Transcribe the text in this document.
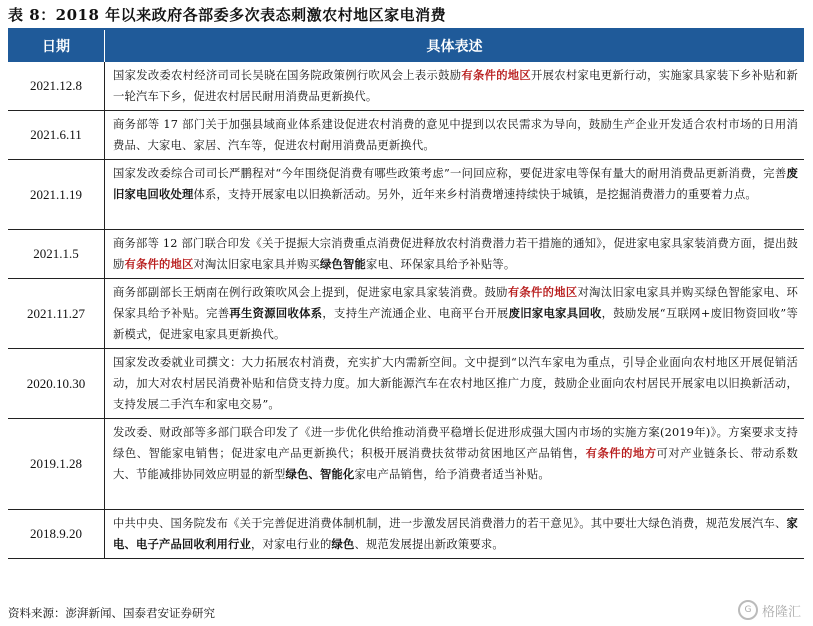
表 8：2018 年以来政府各部委多次表态刺激农村地区家电消费
日期	具体表述
2021.12.8
国家发改委农村经济司司长吴晓在国务院政策例行吹风会上表示鼓励有条件的地区开展农村家电更新行动，实施家具家装下乡补贴和新一轮汽车下乡，促进农村居民耐用消费品更新换代。
2021.6.11
商务部等 17 部门关于加强县域商业体系建设促进农村消费的意见中提到以农民需求为导向，鼓励生产企业开发适合农村市场的日用消费品、大家电、家居、汽车等，促进农村耐用消费品更新换代。
2021.1.19
国家发改委综合司司长严鹏程对“今年围绕促消费有哪些政策考虑”一问回应称，要促进家电等保有量大的耐用消费品更新消费，完善废旧家电回收处理体系，支持开展家电以旧换新活动。另外，近年来乡村消费增速持续快于城镇，是挖掘消费潜力的重要着力点。
2021.1.5
商务部等 12 部门联合印发《关于提振大宗消费重点消费促进释放农村消费潜力若干措施的通知》，促进家电家具家装消费方面，提出鼓励有条件的地区对淘汰旧家电家具并购买绿色智能家电、环保家具给予补贴等。
2021.11.27
商务部副部长王炳南在例行政策吹风会上提到，促进家电家具家装消费。鼓励有条件的地区对淘汰旧家电家具并购买绿色智能家电、环保家具给予补贴。完善再生资源回收体系，支持生产流通企业、电商平台开展废旧家电家具回收，鼓励发展“互联网+废旧物资回收”等新模式，促进家电家具更新换代。
2020.10.30
国家发改委就业司撰文：大力拓展农村消费，充实扩大内需新空间。文中提到“以汽车家电为重点，引导企业面向农村地区开展促销活动，加大对农村居民消费补贴和信贷支持力度。加大新能源汽车在农村地区推广力度，鼓励企业面向农村居民开展家电以旧换新活动，支持发展二手汽车和家电交易”。
2019.1.28
发改委、财政部等多部门联合印发了《进一步优化供给推动消费平稳增长促进形成强大国内市场的实施方案(2019年)》。方案要求支持绿色、智能家电销售；促进家电产品更新换代；积极开展消费扶贫带动贫困地区产品销售，有条件的地方可对产业链条长、带动系数大、节能减排协同效应明显的新型绿色、智能化家电产品销售，给予消费者适当补贴。
2018.9.20
中共中央、国务院发布《关于完善促进消费体制机制，进一步激发居民消费潜力的若干意见》。其中要壮大绿色消费，规范发展汽车、家电、电子产品回收利用行业，对家电行业的绿色、规范发展提出新政策要求。
资料来源：澎湃新闻、国泰君安证券研究	G 格隆汇
